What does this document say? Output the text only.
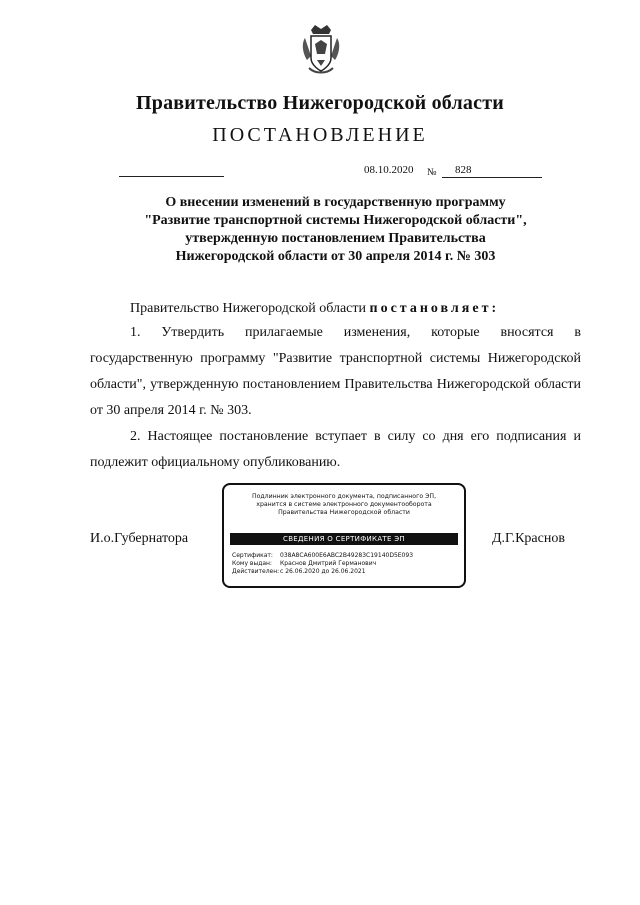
Правительство Нижегородской области
ПОСТАНОВЛЕНИЕ
08.10.2020 № 828
О внесении изменений в государственную программу
"Развитие транспортной системы Нижегородской области",
утвержденную постановлением Правительства
Нижегородской области от 30 апреля 2014 г. № 303
Правительство Нижегородской области постановляет:
1. Утвердить прилагаемые изменения, которые вносятся в государственную программу "Развитие транспортной системы Нижегородской области", утвержденную постановлением Правительства Нижегородской области от 30 апреля 2014 г. № 303.
2. Настоящее постановление вступает в силу со дня его подписания и подлежит официальному опубликованию.
И.о.Губернатора	Д.Г.Краснов
Подлинник электронного документа, подписанного ЭП,
хранится в системе электронного документооборота
Правительства Нижегородской области
СВЕДЕНИЯ О СЕРТИФИКАТЕ ЭП
Сертификат: 038A8CA600E6ABC2B49283C19140D5E093
Кому выдан: Краснов Дмитрий Германович
Действителен:с 26.06.2020 до 26.06.2021
